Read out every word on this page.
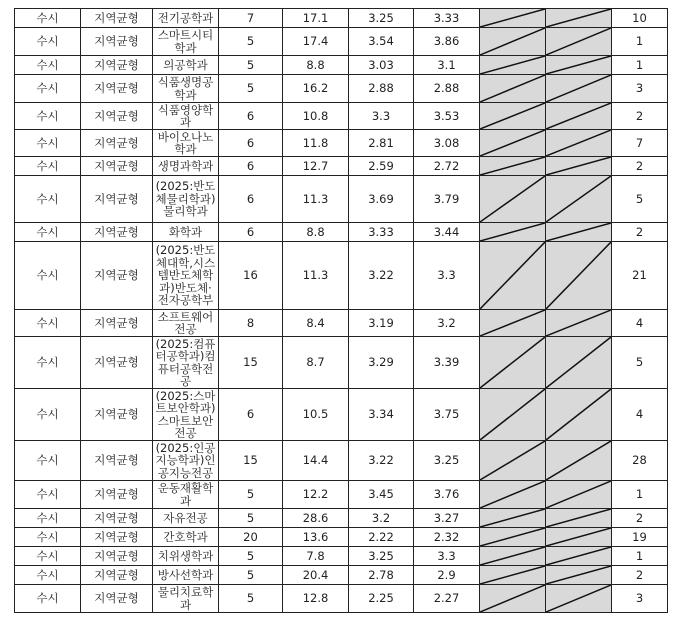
수시	지역균형	전기공학과	7	17.1	3.25	3.33			10
수시	지역균형	스마트시티학과	5	17.4	3.54	3.86			1
수시	지역균형	의공학과	5	8.8	3.03	3.1			1
수시	지역균형	식품생명공학과	5	16.2	2.88	2.88			3
수시	지역균형	식품영양학과	6	10.8	3.3	3.53			2
수시	지역균형	바이오나노학과	6	11.8	2.81	3.08			7
수시	지역균형	생명과학과	6	12.7	2.59	2.72			2
수시	지역균형	(2025:반도체물리학과)물리학과	6	11.3	3.69	3.79			5
수시	지역균형	화학과	6	8.8	3.33	3.44			2
수시	지역균형	(2025:반도체대학,시스템반도체학과)반도체·전자공학부	16	11.3	3.22	3.3			21
수시	지역균형	소프트웨어전공	8	8.4	3.19	3.2			4
수시	지역균형	(2025:컴퓨터공학과)컴퓨터공학전공	15	8.7	3.29	3.39			5
수시	지역균형	(2025:스마트보안학과)스마트보안전공	6	10.5	3.34	3.75			4
수시	지역균형	(2025:인공지능학과)인공지능전공	15	14.4	3.22	3.25			28
수시	지역균형	운동재활학과	5	12.2	3.45	3.76			1
수시	지역균형	자유전공	5	28.6	3.2	3.27			2
수시	지역균형	간호학과	20	13.6	2.22	2.32			19
수시	지역균형	치위생학과	5	7.8	3.25	3.3			1
수시	지역균형	방사선학과	5	20.4	2.78	2.9			2
수시	지역균형	물리치료학과	5	12.8	2.25	2.27			3
